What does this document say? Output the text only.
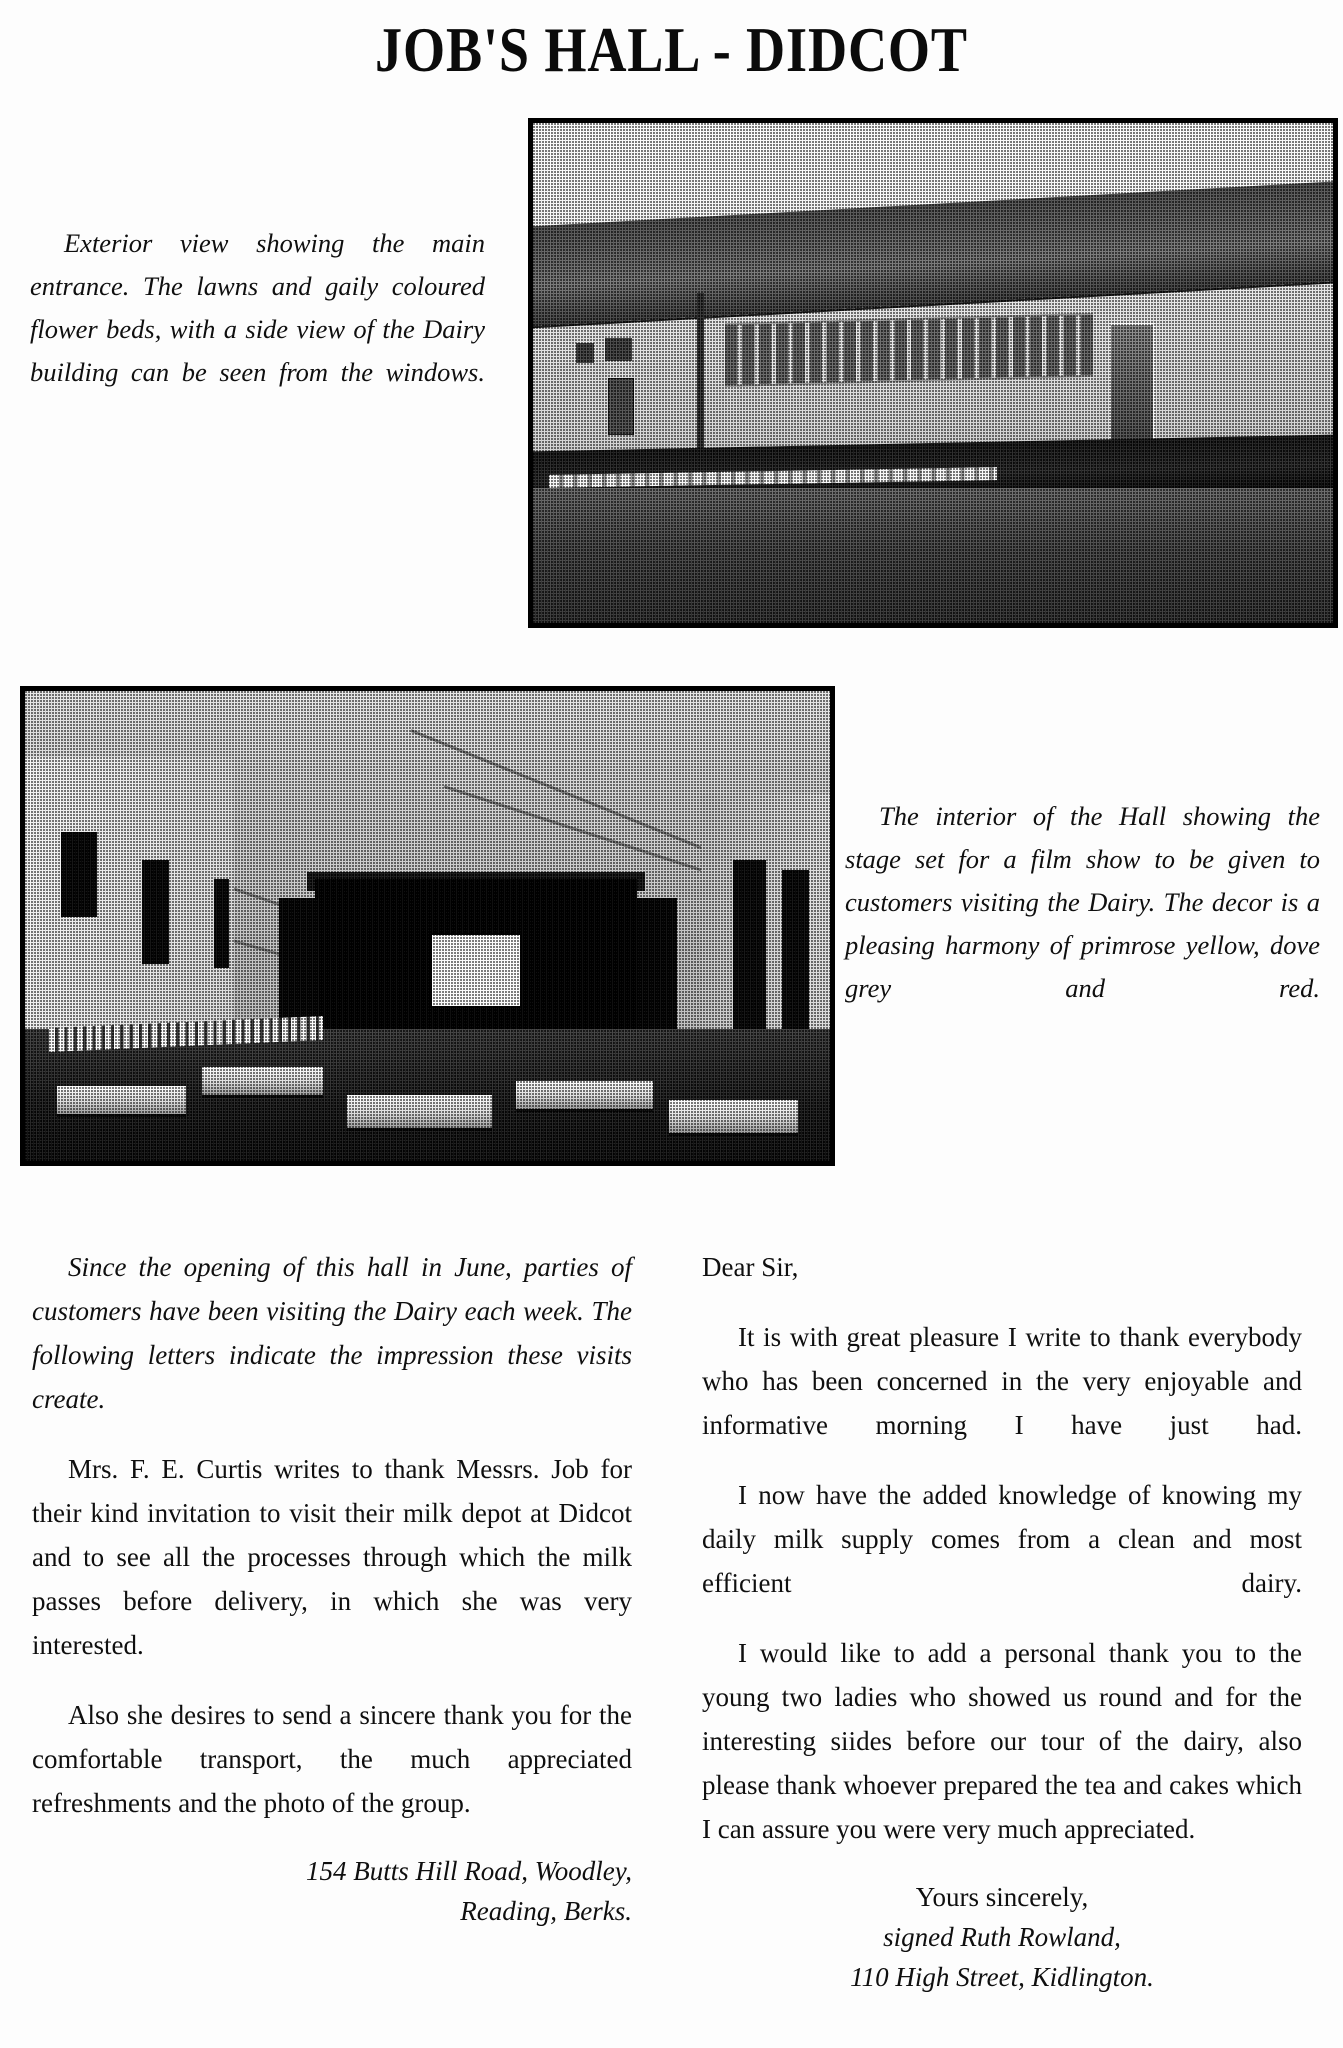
JOB'S HALL - DIDCOT
Exterior view showing the main entrance. The lawns and gaily coloured flower beds, with a side view of the Dairy building can be seen from the windows.
The interior of the Hall showing the stage set for a film show to be given to customers visiting the Dairy. The decor is a pleasing harmony of primrose yellow, dove grey and red.

Since the opening of this hall in June, parties of customers have been visiting the Dairy each week. The following letters indicate the impression these visits create.

Mrs. F. E. Curtis writes to thank Messrs. Job for their kind invitation to visit their milk depot at Didcot and to see all the processes through which the milk passes before delivery, in which she was very interested.

Also she desires to send a sincere thank you for the comfortable transport, the much appreciated refreshments and the photo of the group.

154 Butts Hill Road, Woodley,
Reading, Berks.

Dear Sir,

It is with great pleasure I write to thank everybody who has been concerned in the very enjoyable and informative morning I have just had.

I now have the added knowledge of knowing my daily milk supply comes from a clean and most efficient dairy.

I would like to add a personal thank you to the young two ladies who showed us round and for the interesting siides before our tour of the dairy, also please thank whoever prepared the tea and cakes which I can assure you were very much appreciated.

Yours sincerely,
signed Ruth Rowland,
110 High Street, Kidlington.
